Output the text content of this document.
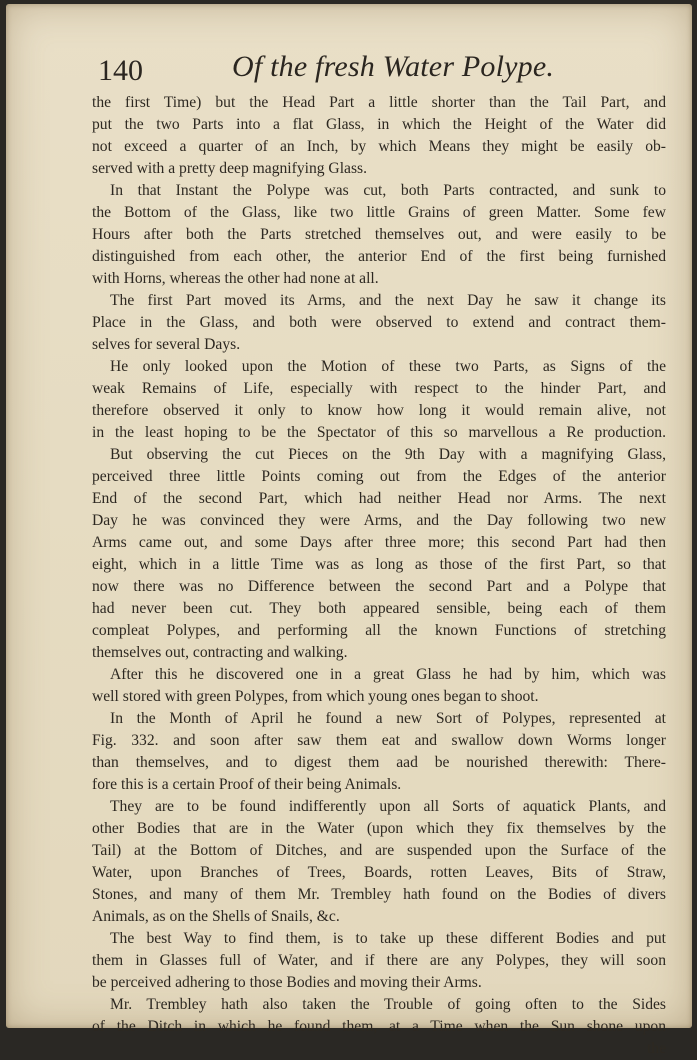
140	Of the fresh Water Polype.
the first Time) but the Head Part a little shorter than the Tail Part, and
put the two Parts into a flat Glass, in which the Height of the Water did
not exceed a quarter of an Inch, by which Means they might be easily ob-
served with a pretty deep magnifying Glass.
In that Instant the Polype was cut, both Parts contracted, and sunk to
the Bottom of the Glass, like two little Grains of green Matter. Some few
Hours after both the Parts stretched themselves out, and were easily to be
distinguished from each other, the anterior End of the first being furnished
with Horns, whereas the other had none at all.
The first Part moved its Arms, and the next Day he saw it change its
Place in the Glass, and both were observed to extend and contract them-
selves for several Days.
He only looked upon the Motion of these two Parts, as Signs of the
weak Remains of Life, especially with respect to the hinder Part, and
therefore observed it only to know how long it would remain alive, not
in the least hoping to be the Spectator of this so marvellous a Re production.
But observing the cut Pieces on the 9th Day with a magnifying Glass,
perceived three little Points coming out from the Edges of the anterior
End of the second Part, which had neither Head nor Arms. The next
Day he was convinced they were Arms, and the Day following two new
Arms came out, and some Days after three more; this second Part had then
eight, which in a little Time was as long as those of the first Part, so that
now there was no Difference between the second Part and a Polype that
had never been cut. They both appeared sensible, being each of them
compleat Polypes, and performing all the known Functions of stretching
themselves out, contracting and walking.
After this he discovered one in a great Glass he had by him, which was
well stored with green Polypes, from which young ones began to shoot.
In the Month of April he found a new Sort of Polypes, represented at
Fig. 332. and soon after saw them eat and swallow down Worms longer
than themselves, and to digest them aad be nourished therewith: There-
fore this is a certain Proof of their being Animals.
They are to be found indifferently upon all Sorts of aquatick Plants, and
other Bodies that are in the Water (upon which they fix themselves by the
Tail) at the Bottom of Ditches, and are suspended upon the Surface of the
Water, upon Branches of Trees, Boards, rotten Leaves, Bits of Straw,
Stones, and many of them Mr. Trembley hath found on the Bodies of divers
Animals, as on the Shells of Snails, &c.
The best Way to find them, is to take up these different Bodies and put
them in Glasses full of Water, and if there are any Polypes, they will soon
be perceived adhering to those Bodies and moving their Arms.
Mr. Trembley hath also taken the Trouble of going often to the Sides
of the Ditch in which he found them, at a Time when the Sun shone upon
the
